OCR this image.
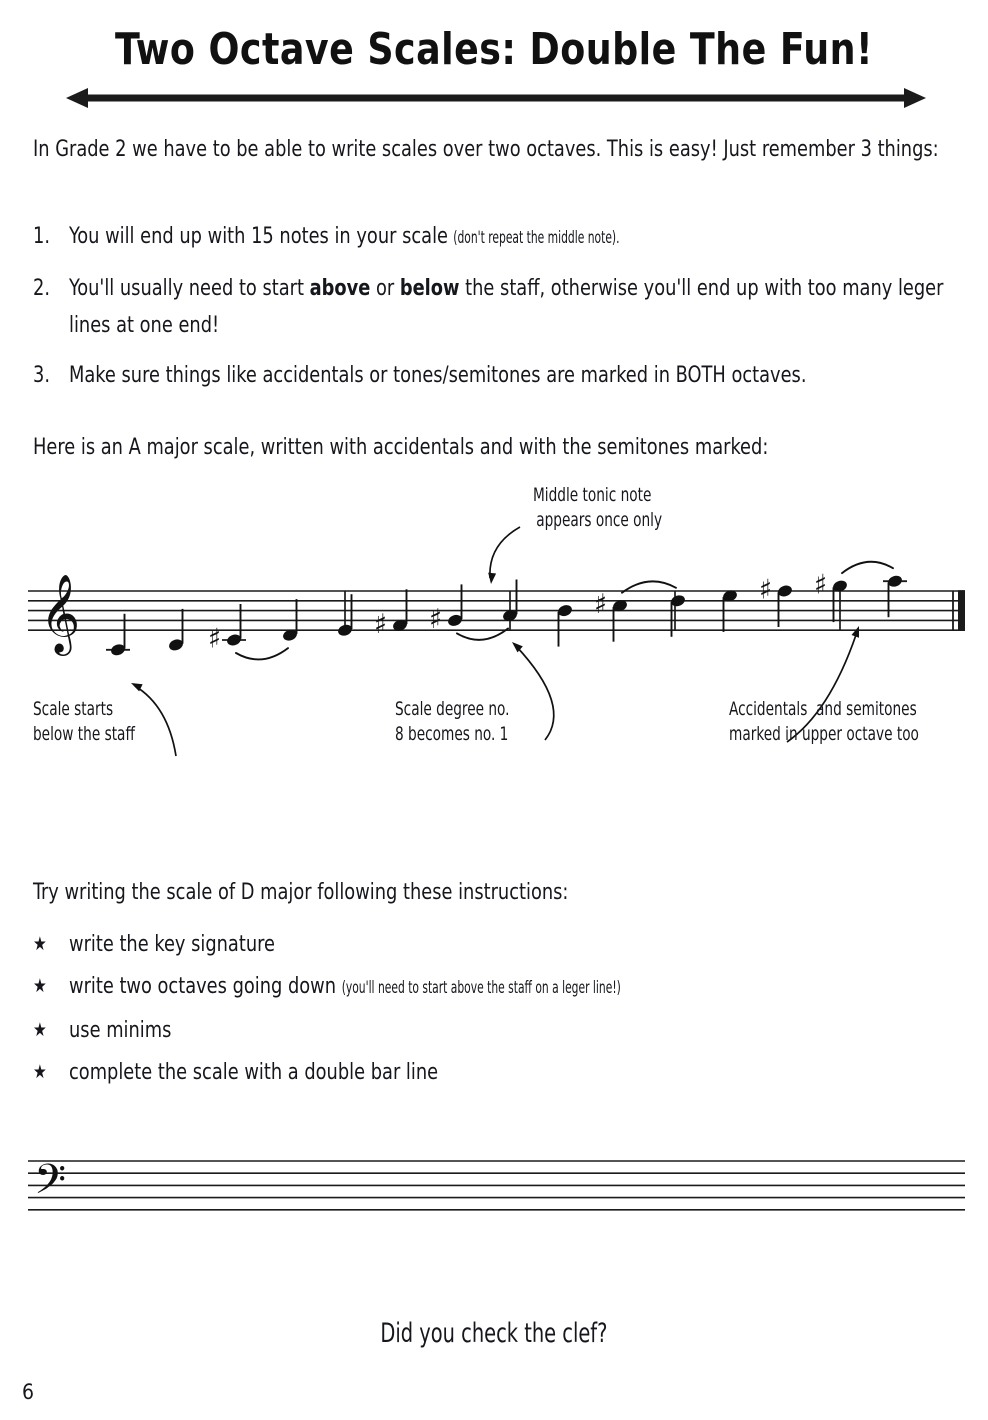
Two Octave Scales: Double The Fun!
In Grade 2 we have to be able to write scales over two octaves. This is easy! Just remember 3 things:
1. You will end up with 15 notes in your scale (don't repeat the middle note).
2. You'll usually need to start above or below the staff, otherwise you'll end up with too many leger lines at one end!
3. Make sure things like accidentals or tones/semitones are marked in BOTH octaves.
Here is an A major scale, written with accidentals and with the semitones marked:
𝄞	♯	♯ ♯	♯	♯ ♯
𝄢
Middle tonic note
appears once only
Scale starts
below the staff
Scale degree no.
8 becomes no. 1
Accidentals  and semitones
marked in upper octave too
Try writing the scale of D major following these instructions:
★ write the key signature
★ write two octaves going down (you'll need to start above the staff on a leger line!)
★ use minims
★ complete the scale with a double bar line
Did you check the clef?
6
